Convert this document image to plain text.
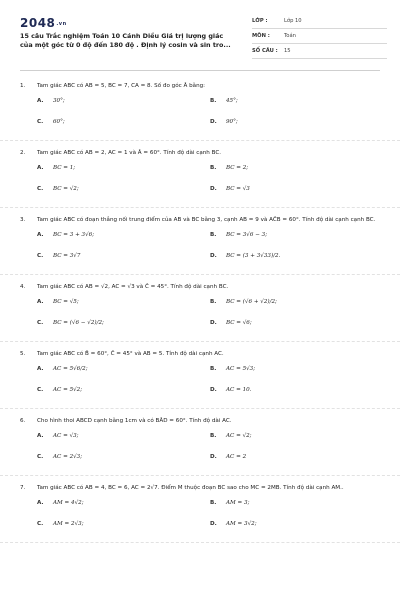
2048.vn
15 câu Trắc nghiệm Toán 10 Cánh Diều Giá trị lượng giác của một góc từ 0 độ đến 180 độ . Định lý cosin và sin tro...
LỚP :	Lớp 10
MÔN :	Toán
SỐ CÂU :	15
1.	Tam giác ABC có AB = 5, BC = 7, CA = 8. Số đo góc Â bằng:
A.	30°;	B.	45°;
C.	60°;	D.	90°;
2.	Tam giác ABC có AB = 2, AC = 1 và Â = 60°. Tính độ dài cạnh BC.
A.	BC = 1;	B.	BC = 2;
C.	BC = √2;	D.	BC = √3
3.	Tam giác ABC có đoạn thẳng nối trung điểm của AB và BC bằng 3, cạnh AB = 9 và AĈB = 60°. Tính độ dài cạnh cạnh BC.
A.	BC = 3 + 3√6;	B.	BC = 3√6 − 3;
C.	BC = 3√7	D.	BC = (3 + 3√33)/2.
4.	Tam giác ABC có AB = √2, AC = √3 và Ĉ = 45°. Tính độ dài cạnh BC.
A.	BC = √5;	B.	BC = (√6 + √2)/2;
C.	BC = (√6 − √2)/2;	D.	BC = √6;
5.	Tam giác ABC có B̂ = 60°, Ĉ = 45° và AB = 5. Tính độ dài cạnh AC.
A.	AC = 5√6/2;	B.	AC = 5√3;
C.	AC = 5√2;	D.	AC = 10.
6.	Cho hình thoi ABCD cạnh bằng 1cm và có BÂD = 60°. Tính độ dài AC.
A.	AC = √3;	B.	AC = √2;
C.	AC = 2√3;	D.	AC = 2
7.	Tam giác ABC có AB = 4, BC = 6, AC = 2√7. Điểm M thuộc đoạn BC sao cho MC = 2MB. Tính độ dài cạnh AM..
A.	AM = 4√2;	B.	AM = 3;
C.	AM = 2√3;	D.	AM = 3√2;
